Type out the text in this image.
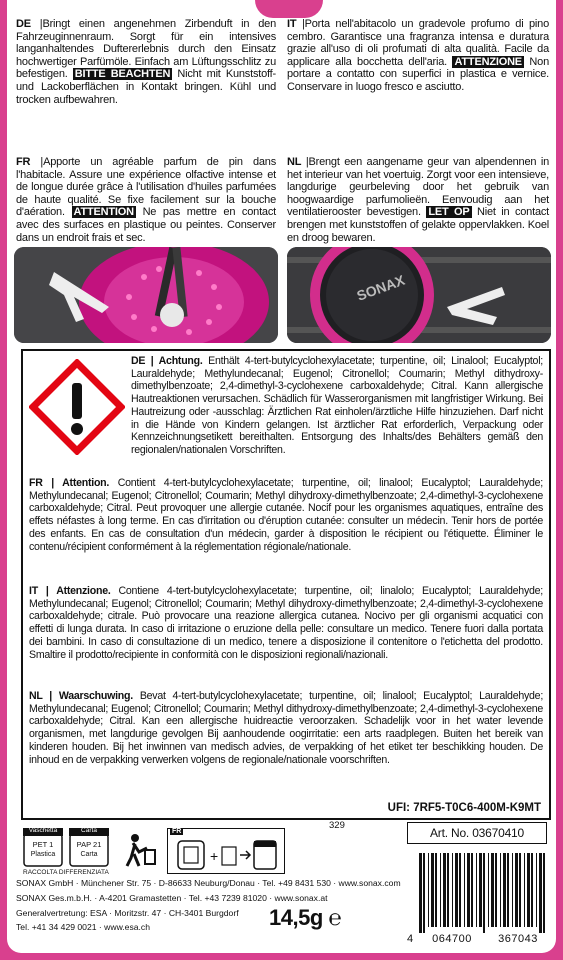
DE |Bringt einen angenehmen Zirbenduft in den Fahrzeuginnenraum. Sorgt für ein intensives langanhaltendes Duftererlebnis durch den Einsatz hochwertiger Parfümöle. Einfach am Lüftungsschlitz zu befestigen. BITTE BEACHTEN Nicht mit Kunststoff- und Lackoberflächen in Kontakt bringen. Kühl und trocken aufbewahren.
FR |Apporte un agréable parfum de pin dans l'habitacle. Assure une expérience olfactive intense et de longue durée grâce à l'utilisation d'huiles parfumées de haute qualité. Se fixe facilement sur la bouche d'aération. ATTENTION Ne pas mettre en contact avec des surfaces en plastique ou peintes. Conserver dans un endroit frais et sec.
IT |Porta nell'abitacolo un gradevole profumo di pino cembro. Garantisce una fragranza intensa e duratura grazie all'uso di oli profumati di alta qualità. Facile da applicare alla bocchetta dell'aria. ATTENZIONE Non portare a contatto con superfici in plastica e vernice. Conservare in luogo fresco e asciutto.
NL |Brengt een aangename geur van alpendennen in het interieur van het voertuig. Zorgt voor een intensieve, langdurige geurbeleving door het gebruik van hoogwaardige parfumolieën. Eenvoudig aan het ventilatierooster bevestigen. LET OP Niet in contact brengen met kunststoffen of gelakte oppervlakken. Koel en droog bewaren.
SONAX
DE | Achtung. Enthält 4-tert-butylcyclohexylacetate; turpentine, oil; Linalool; Eucalyptol; Lauraldehyde; Methylundecanal; Eugenol; Citronellol; Coumarin; Methyl dithydroxy-dimethylbenzoate; 2,4-dimethyl-3-cyclohexene carboxaldehyde; Citral. Kann allergische Hautreaktionen verursachen. Schädlich für Wasserorganismen mit langfristiger Wirkung. Bei Hautreizung oder -ausschlag: Ärztlichen Rat einholen/ärztliche Hilfe hinzuziehen. Darf nicht in die Hände von Kindern gelangen. Ist ärztlicher Rat erforderlich, Verpackung oder Kennzeichnungsetikett bereithalten. Entsorgung des Inhalts/des Behälters gemäß den regionalen/nationalen Vorschriften.
FR | Attention. Contient 4-tert-butylcyclohexylacetate; turpentine, oil; linalool; Eucalyptol; Lauraldehyde; Methylundecanal; Eugenol; Citronellol; Coumarin; Methyl dihydroxy-dimethylbenzoate; 2,4-dimethyl-3-cyclohexene carboxaldehyde; Citral. Peut provoquer une allergie cutanée. Nocif pour les organismes aquatiques, entraîne des effets néfastes à long terme. En cas d'irritation ou d'éruption cutanée: consulter un médecin. Tenir hors de portée des enfants. En cas de consultation d'un médecin, garder à disposition le récipient ou l'étiquette. Éliminer le contenu/récipient conformément à la réglementation régionale/nationale.
IT | Attenzione. Contiene 4-tert-butylcyclohexylacetate; turpentine, oil; linalolo; Eucalyptol; Lauraldehyde; Methylundecanal; Eugenol; Citronellol; Coumarin; Methyl dihydroxy-dimethylbenzoate; 2,4-dimethyl-3-cyclohexene carboxaldehyde; citrale. Può provocare una reazione allergica cutanea. Nocivo per gli organismi acquatici con effetti di lunga durata. In caso di irritazione o eruzione della pelle: consultare un medico. Tenere fuori dalla portata dei bambini. In caso di consultazione di un medico, tenere a disposizione il contenitore o l'etichetta del prodotto. Smaltire il prodotto/recipiente in conformità con le disposizioni regionali/nazionali.
NL | Waarschuwing. Bevat 4-tert-butylcyclohexylacetate; turpentine, oil; linalool; Eucalyptol; Lauraldehyde; Methylundecanal; Eugenol; Citronellol; Coumarin; Methyl dithydroxy-dimethylbenzoate; 2,4-dimethyl-3-cyclohexene carboxaldehyde; Citral. Kan een allergische huidreactie veroorzaken. Schadelijk voor in het water levende organismen, met langdurige gevolgen Bij aanhoudende oogirritatie: een arts raadplegen. Buiten het bereik van kinderen houden. Bij het inwinnen van medisch advies, de verpakking of het etiket ter beschikking houden. De inhoud en de verpakking verwerken volgens de regionale/nationale voorschriften.
UFI: 7RF5-T0C6-400M-K9MT
Vaschetta
PET 1
Plastica
Carta
PAP 21
Carta
RACCOLTA DIFFERENZIATA
FR
+
329
Art. No. 03670410
SONAX GmbH · Münchener Str. 75 · D-86633 Neuburg/Donau · Tel. +49 8431 530 · www.sonax.com
SONAX Ges.m.b.H. · A-4201 Gramastetten · Tel. +43 7239 81020 · www.sonax.at
Generalvertretung: ESA · Moritzstr. 47 · CH-3401 Burgdorf
Tel. +41 34 429 0021 · www.esa.ch	14,5g ℮
4	064700	367043
